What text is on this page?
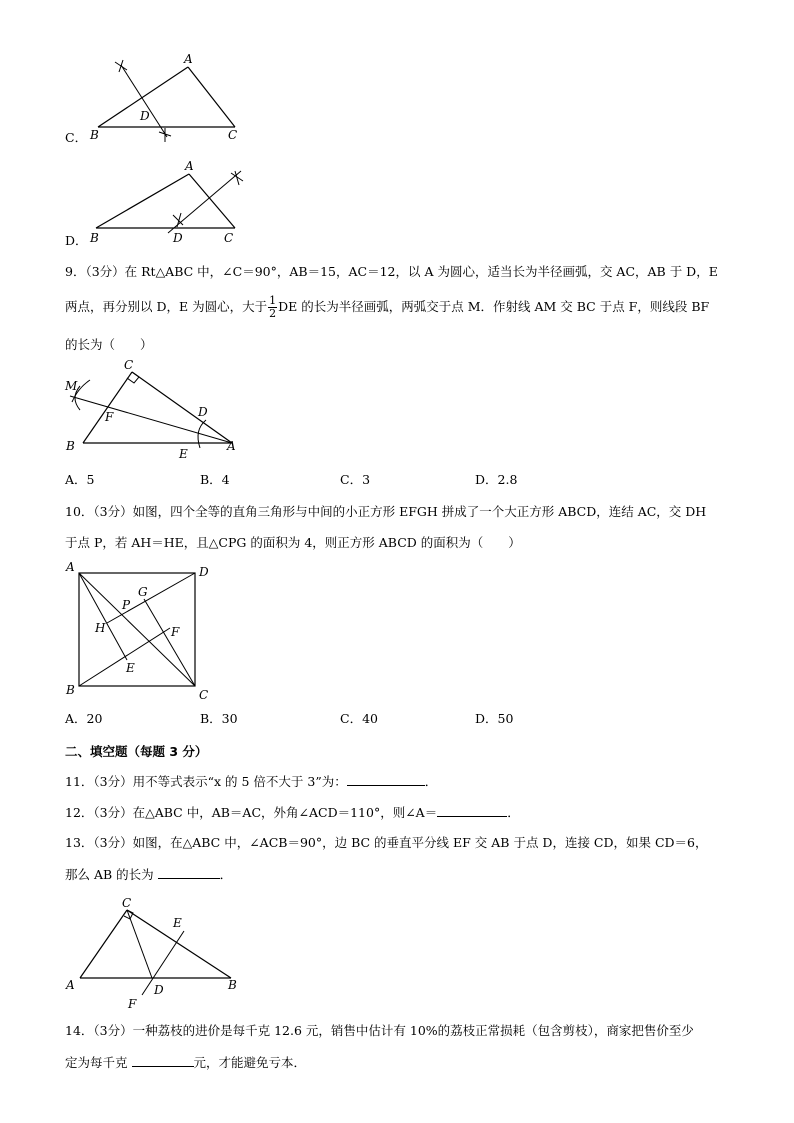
C．
A
B	C
D
D．
A
B	C
D
9．（3分）在 Rt△ABC 中，∠C＝90°，AB＝15，AC＝12，以 A 为圆心，适当长为半径画弧，交 AC，AB 于 D，E
两点，再分别以 D，E 为圆心，大于 $\frac{1}{2}$ DE 的长为半径画弧，两弧交于点 M．作射线 AM 交 BC 于点 F，则线段 BF
的长为（　　）
M
C
F	D
B
E
A
A．5	B．4	C．3	D．2.8
10．（3分）如图，四个全等的直角三角形与中间的小正方形 EFGH 拼成了一个大正方形 ABCD，连结 AC，交 DH
于点 P，若 AH＝HE，且△CPG 的面积为 4，则正方形 ABCD 的面积为（　　）
A	D
G
P
H	F
E
B	C
A．20	B．30	C．40	D．50
二、填空题（每题 3 分）
11．（3分）用不等式表示“x 的 5 倍不大于 3”为：	．
12．（3分）在△ABC 中，AB＝AC，外角∠ACD＝110°，则∠A＝	．
13．（3分）如图，在△ABC 中，∠ACB＝90°，边 BC 的垂直平分线 EF 交 AB 于点 D，连接 CD，如果 CD＝6，
那么 AB 的长为	．
C
E
A	D	B
F
14．（3分）一种荔枝的进价是每千克 12.6 元，销售中估计有 10%的荔枝正常损耗（包含剪枝），商家把售价至少
定为每千克	元，才能避免亏本．
